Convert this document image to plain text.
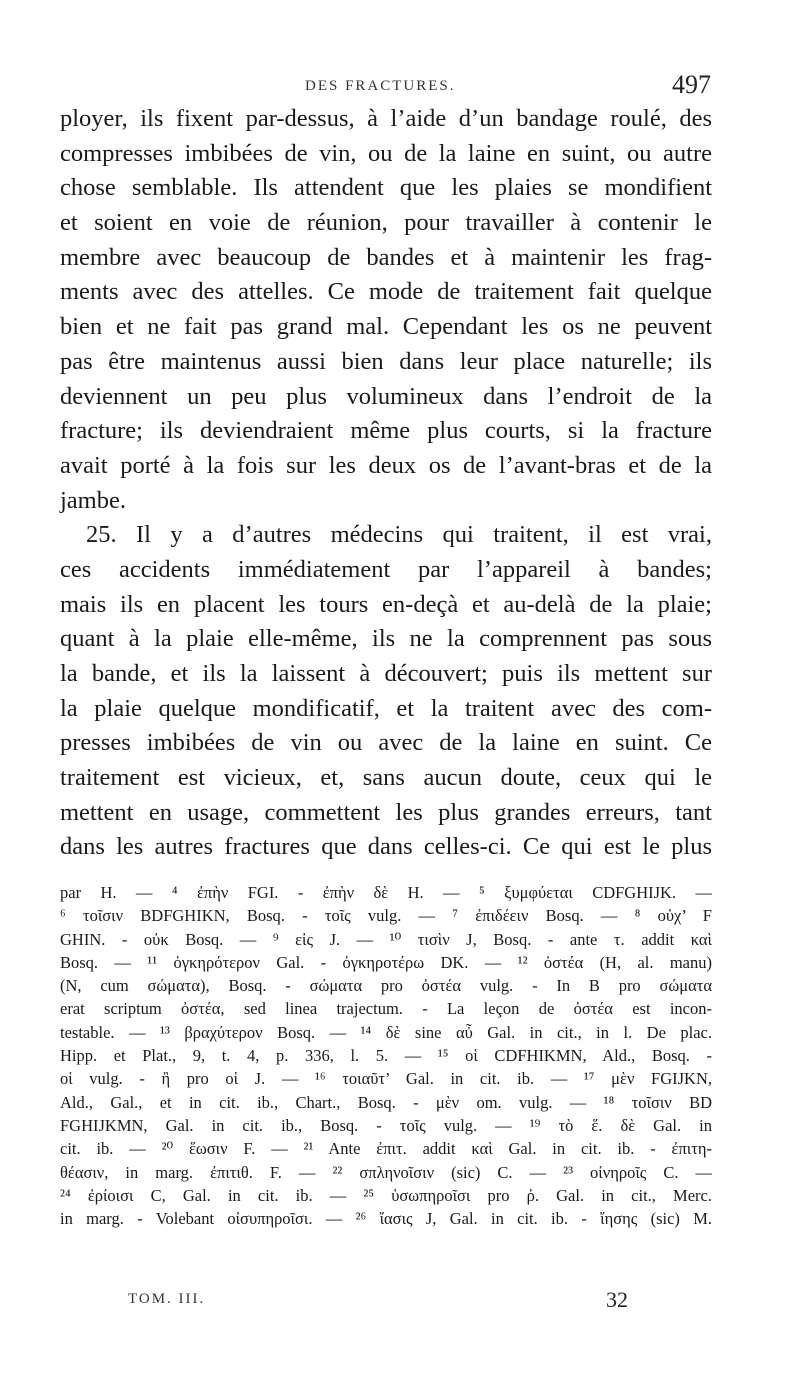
DES FRACTURES.	497
ployer, ils fixent par-dessus, à l’aide d’un bandage roulé, des
compresses imbibées de vin, ou de la laine en suint, ou autre
chose semblable. Ils attendent que les plaies se mondifient
et soient en voie de réunion, pour travailler à contenir le
membre avec beaucoup de bandes et à maintenir les frag-
ments avec des attelles. Ce mode de traitement fait quelque
bien et ne fait pas grand mal. Cependant les os ne peuvent
pas être maintenus aussi bien dans leur place naturelle; ils
deviennent un peu plus volumineux dans l’endroit de la
fracture; ils deviendraient même plus courts, si la fracture
avait porté à la fois sur les deux os de l’avant-bras et de la
jambe.
25. Il y a d’autres médecins qui traitent, il est vrai,
ces accidents immédiatement par l’appareil à bandes;
mais ils en placent les tours en-deçà et au-delà de la plaie;
quant à la plaie elle-même, ils ne la comprennent pas sous
la bande, et ils la laissent à découvert; puis ils mettent sur
la plaie quelque mondificatif, et la traitent avec des com-
presses imbibées de vin ou avec de la laine en suint. Ce
traitement est vicieux, et, sans aucun doute, ceux qui le
mettent en usage, commettent les plus grandes erreurs, tant
dans les autres fractures que dans celles-ci. Ce qui est le plus
par H. — ⁴ ἐπὴν FGI. - ἐπὴν δὲ H. — ⁵ ξυμφύεται CDFGHIJK. —
⁶ τοῖσιν BDFGHIKN, Bosq. - τοῖς vulg. — ⁷ ἐπιδέειν Bosq. — ⁸ οὐχ’ F
GHIN. - οὐκ Bosq. — ⁹ εἰς J. — ¹⁰ τισὶν J, Bosq. - ante τ. addit καὶ
Bosq. — ¹¹ ὀγκηρότερον Gal. - ὀγκηροτέρω DK. — ¹² ὀστέα (H, al. manu)
(N, cum σώματα), Bosq. - σώματα pro ὀστέα vulg. - In B pro σώματα
erat scriptum ὀστέα, sed linea trajectum. - La leçon de ὀστέα est incon-
testable. — ¹³ βραχύτερον Bosq. — ¹⁴ δὲ sine αὖ Gal. in cit., in l. De plac.
Hipp. et Plat., 9, t. 4, p. 336, l. 5. — ¹⁵ οἱ CDFHIKMN, Ald., Bosq. -
οἱ vulg. - ἢ pro οἱ J. — ¹⁶ τοιαῦτ’ Gal. in cit. ib. — ¹⁷ μὲν FGIJKN,
Ald., Gal., et in cit. ib., Chart., Bosq. - μὲν om. vulg. — ¹⁸ τοῖσιν BD
FGHIJKMN, Gal. in cit. ib., Bosq. - τοῖς vulg. — ¹⁹ τὸ ἕ. δὲ Gal. in
cit. ib. — ²⁰ ἕωσιν F. — ²¹ Ante ἐπιτ. addit καὶ Gal. in cit. ib. - ἐπιτη-
θέασιν, in marg. ἐπιτιθ. F. — ²² σπληνοῖσιν (sic) C. — ²³ οἰνηροῖς C. —
²⁴ ἐρίοισι C, Gal. in cit. ib. — ²⁵ ὑσωπηροῖσι pro ῥ. Gal. in cit., Merc.
in marg. - Volebant οἰσυπηροῖσι. — ²⁶ ἴασις J, Gal. in cit. ib. - ἴησης (sic) M.
TOM. III.	32
